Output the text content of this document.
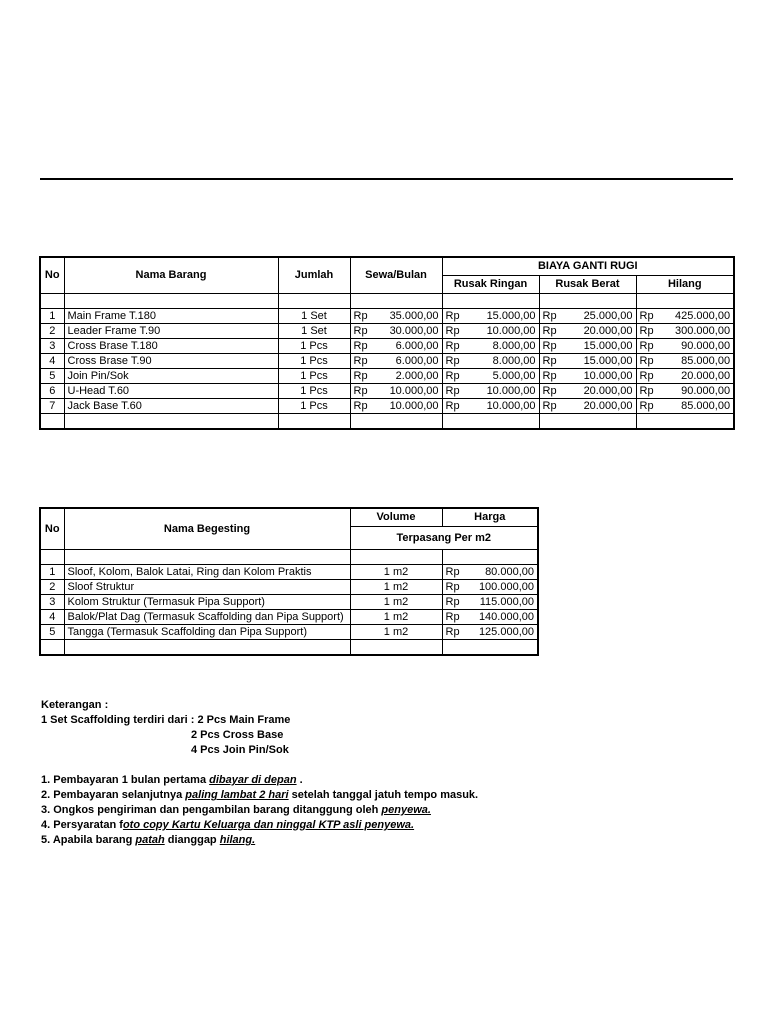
No	Nama Barang	Jumlah	Sewa/Bulan		BIAYA GANTI RUGI					
					Rusak Ringan		Rusak Berat		Hilang	

1	Main Frame T.180	1 Set	Rp	35.000,00	Rp	15.000,00	Rp	25.000,00	Rp	425.000,00
2	Leader Frame T.90	1 Set	Rp	30.000,00	Rp	10.000,00	Rp	20.000,00	Rp	300.000,00
3	Cross Brase T.180	1 Pcs	Rp	6.000,00	Rp	8.000,00	Rp	15.000,00	Rp	90.000,00
4	Cross Brase T.90	1 Pcs	Rp	6.000,00	Rp	8.000,00	Rp	15.000,00	Rp	85.000,00
5	Join Pin/Sok	1 Pcs	Rp	2.000,00	Rp	5.000,00	Rp	10.000,00	Rp	20.000,00
6	U-Head T.60	1 Pcs	Rp	10.000,00	Rp	10.000,00	Rp	20.000,00	Rp	90.000,00
7	Jack Base T.60	1 Pcs	Rp	10.000,00	Rp	10.000,00	Rp	20.000,00	Rp	85.000,00

No	Nama Begesting	Volume	Harga	
		Terpasang Per m2		

1	Sloof, Kolom, Balok Latai, Ring dan Kolom Praktis	1 m2	Rp	80.000,00
2	Sloof Struktur	1 m2	Rp	100.000,00
3	Kolom Struktur (Termasuk Pipa Support)	1 m2	Rp	115.000,00
4	Balok/Plat Dag (Termasuk Scaffolding dan Pipa Support)	1 m2	Rp	140.000,00
5	Tangga (Termasuk Scaffolding dan Pipa Support)	1 m2	Rp	125.000,00

Keterangan :
1 Set Scaffolding terdiri dari : 2 Pcs Main Frame
2 Pcs Cross Base
4 Pcs Join Pin/Sok
1. Pembayaran 1 bulan pertama dibayar di depan .
2. Pembayaran selanjutnya paling lambat 2 hari setelah tanggal jatuh tempo masuk.
3. Ongkos pengiriman dan pengambilan barang ditanggung oleh penyewa.
4. Persyaratan foto copy Kartu Keluarga dan ninggal KTP asli penyewa.
5. Apabila barang patah dianggap hilang.
